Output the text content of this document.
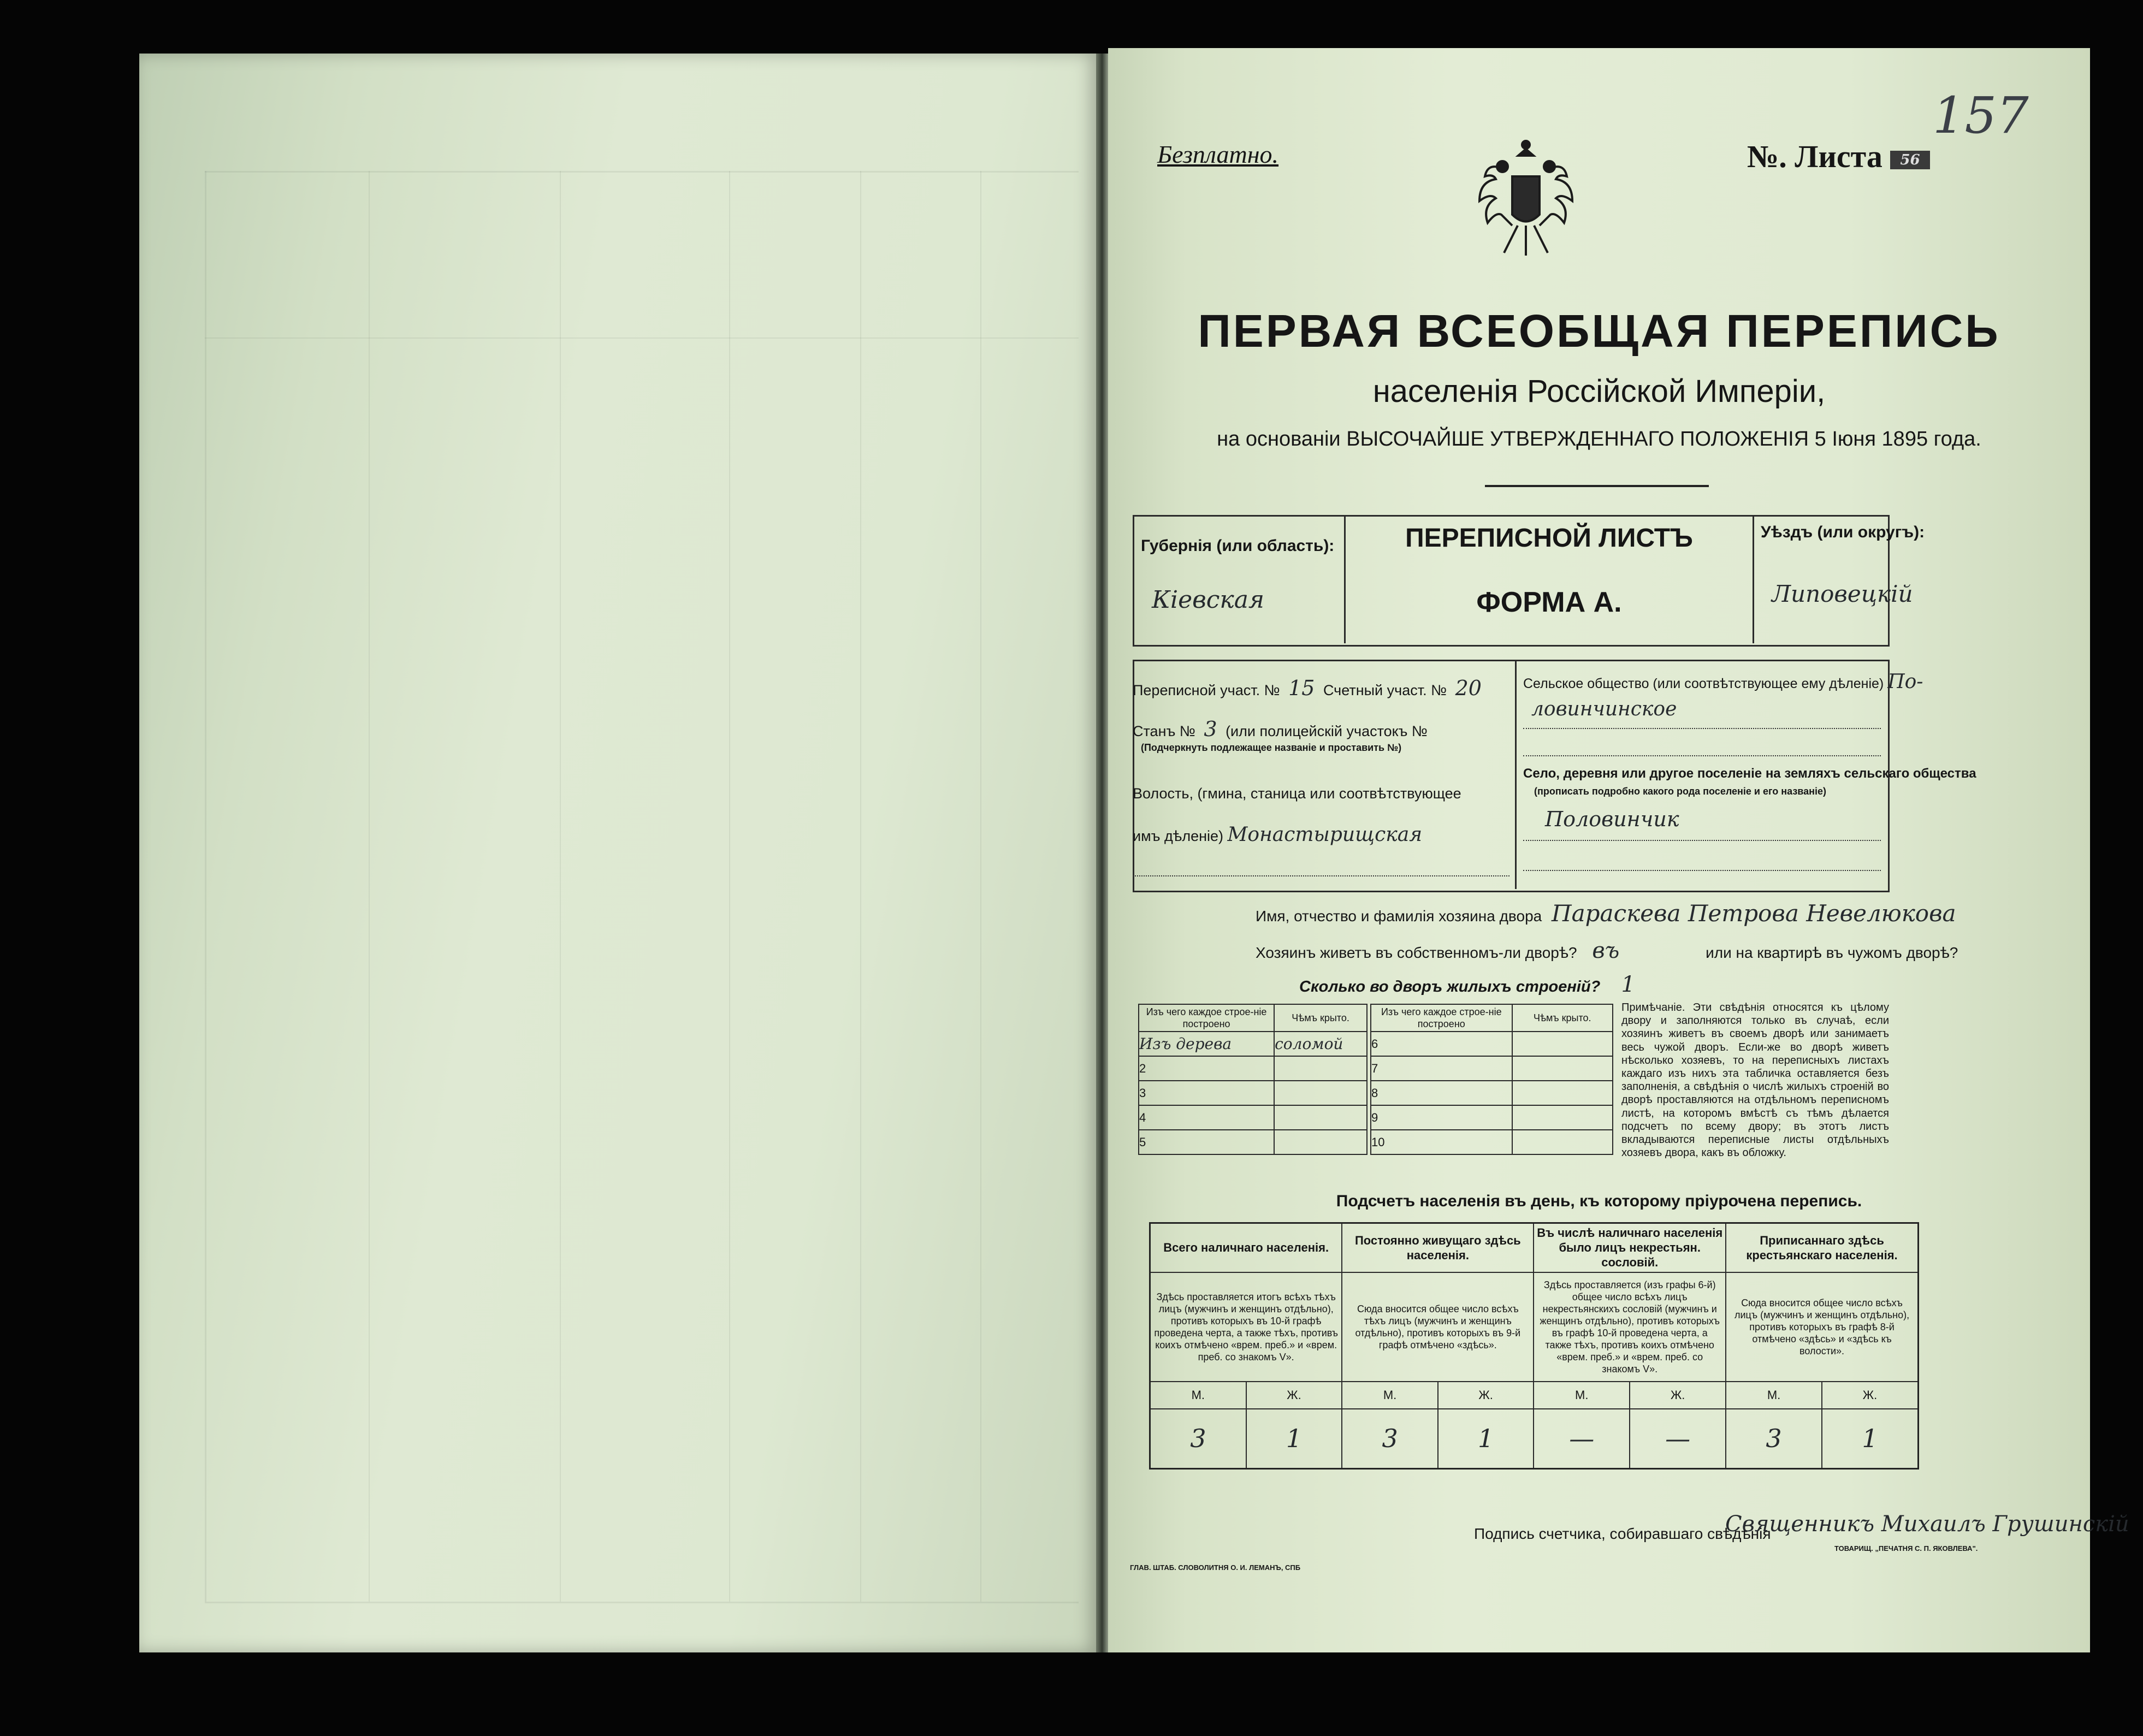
Безплатно.	№. Листа 56
157
ПЕРВАЯ ВСЕОБЩАЯ ПЕРЕПИСЬ
населенія Россійской Имперіи,
на основаніи ВЫСОЧАЙШЕ УТВЕРЖДЕННАГО ПОЛОЖЕНІЯ 5 Іюня 1895 года.
Губернія (или область):
Кіевская
ПЕРЕПИСНОЙ ЛИСТЪ
ФОРМА А.
Уѣздъ (или округъ):
Липовецкій
Переписной участ. № 15 Счетный участ. № 20
Станъ № 3 (или полицейскій участокъ №
(Подчеркнуть подлежащее названіе и проставить №)
Волость, (гмина, станица или соотвѣтствующее
имъ дѣленіе) Монастырищская
Сельское общество (или соотвѣтствующее ему дѣленіе) По-
ловинчинское
Село, деревня или другое поселеніе на земляхъ сельскаго общества
(прописать подробно какого рода поселеніе и его названіе)
Половинчик
Имя, отчество и фамилія хозяина двора Параскева Петрова Невелюкова
Хозяинъ живетъ въ собственномъ-ли дворѣ? въ	или на квартирѣ въ чужомъ дворѣ?
Сколько во дворъ жилыхъ строеній? 1
Изъ чего каждое строе-ніе построено	Чѣмъ крыто.
Изъ дерева	соломой
2	
3	
4	
5	
Изъ чего каждое строе-ніе построено	Чѣмъ крыто.
6	
7	
8	
9	
10	
Примѣчаніе. Эти свѣдѣнія относятся къ цѣлому двору и заполняются только въ случаѣ, если хозяинъ живетъ въ своемъ дворѣ или занимаетъ весь чужой дворъ. Если-же во дворѣ живетъ нѣсколько хозяевъ, то на переписныхъ листахъ каждаго изъ нихъ эта табличка оставляется безъ заполненія, а свѣдѣнія о числѣ жилыхъ строеній во дворѣ проставляются на отдѣльномъ переписномъ листѣ, на которомъ вмѣстѣ съ тѣмъ дѣлается подсчетъ по всему двору; въ этотъ листъ вкладываются переписные листы отдѣльныхъ хозяевъ двора, какъ въ обложку.
Подсчетъ населенія въ день, къ которому пріурочена перепись.
Всего наличнаго населенія.		Постоянно живущаго здѣсь населенія.		Въ числѣ наличнаго населенія было лицъ некрестьян. сословій.		Приписаннаго здѣсь крестьянскаго населенія.	
Здѣсь проставляется итогъ всѣхъ тѣхъ лицъ (мужчинъ и женщинъ отдѣльно), противъ которыхъ въ 10-й графѣ проведена черта, а также тѣхъ, противъ коихъ отмѣчено «врем. преб.» и «врем. преб. со знакомъ V».		Сюда вносится общее число всѣхъ тѣхъ лицъ (мужчинъ и женщинъ отдѣльно), противъ которыхъ въ 9-й графѣ отмѣчено «здѣсь».		Здѣсь проставляется (изъ графы 6-й) общее число всѣхъ лицъ некрестьянскихъ сословій (мужчинъ и женщинъ отдѣльно), противъ которыхъ въ графѣ 10-й проведена черта, а также тѣхъ, противъ коихъ отмѣчено «врем. преб.» и «врем. преб. со знакомъ V».		Сюда вносится общее число всѣхъ лицъ (мужчинъ и женщинъ отдѣльно), противъ которыхъ въ графѣ 8-й отмѣчено «здѣсь» и «здѣсь къ волости».	
М.	Ж.	М.	Ж.	М.	Ж.	М.	Ж.
3	1	3	1	—	—	3	1
Подпись счетчика, собиравшаго свѣдѣнія
Священникъ Михаилъ Грушинскій
ГЛАВ. ШТАБ. СЛОВОЛИТНЯ О. И. ЛЕМАНЪ, СПБ
ТОВАРИЩ. „ПЕЧАТНЯ С. П. ЯКОВЛЕВА".
